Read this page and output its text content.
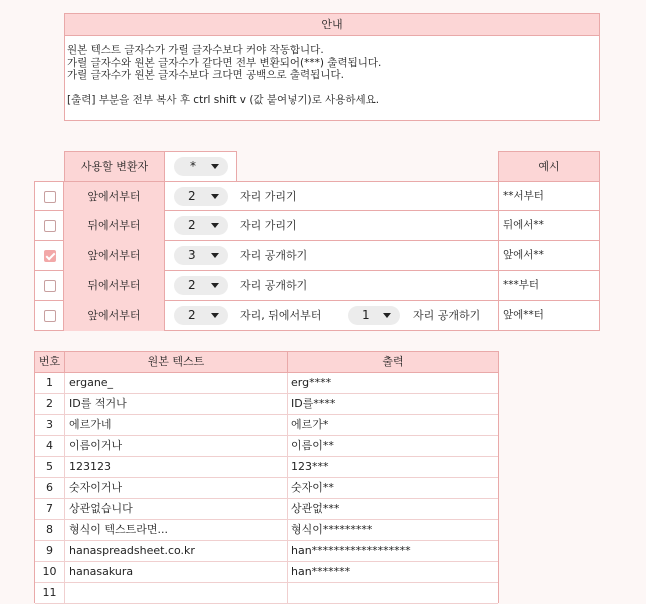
안내
원본 텍스트 글자수가 가릴 글자수보다 커야 작동합니다.
가릴 글자수와 원본 글자수가 같다면 전부 변환되어(***) 출력됩니다.
가릴 글자수가 원본 글자수보다 크다면 공백으로 출력됩니다.
[출력] 부분을 전부 복사 후 ctrl shift v (값 붙여넣기)로 사용하세요.
사용할 변환자	*	예시
앞에서부터	2	자리 가리기	**서부터
뒤에서부터	2	자리 가리기	뒤에서**
앞에서부터	3	자리 공개하기	앞에서**
뒤에서부터	2	자리 공개하기	***부터
앞에서부터	2	자리, 뒤에서부터	1	자리 공개하기	앞에**터
번호	원본 텍스트	출력
1	ergane_	erg****
2	ID를 적거나	ID를****
3	에르가네	에르가*
4	이름이거나	이름이**
5	123123	123***
6	숫자이거나	숫자이**
7	상관없습니다	상관없***
8	형식이 텍스트라면...	형식이*********
9	hanaspreadsheet.co.kr	han******************
10	hanasakura	han*******
11
